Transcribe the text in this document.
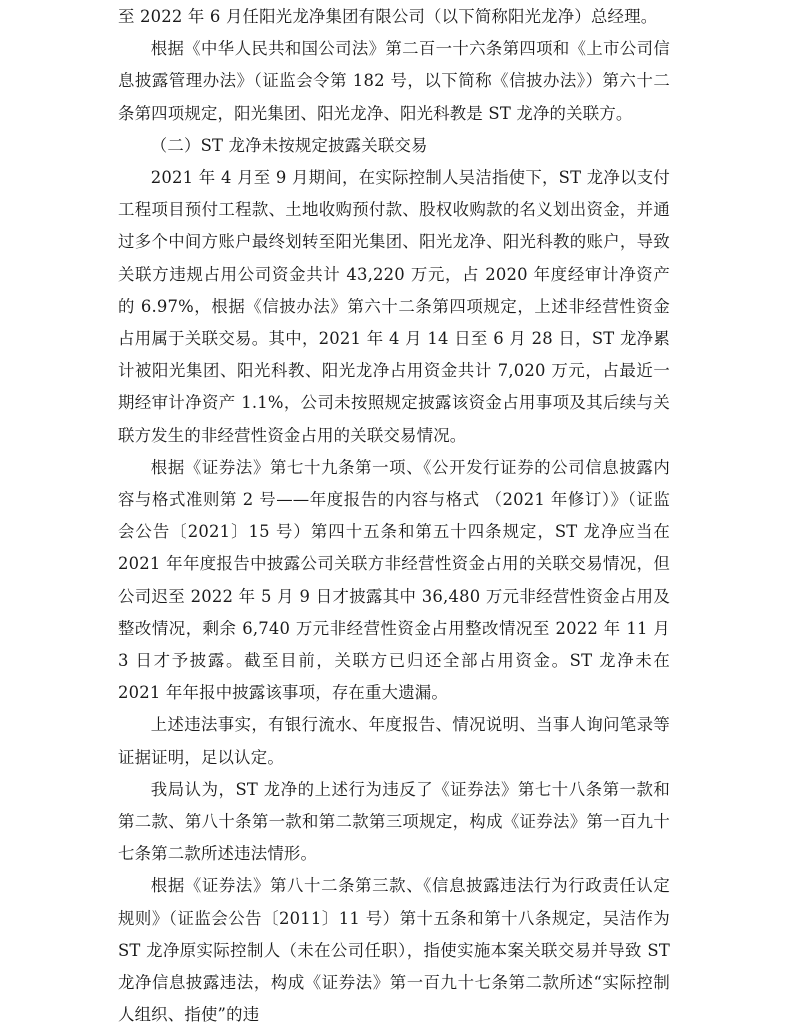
至 2022 年 6 月任阳光龙净集团有限公司（以下简称阳光龙净）总经理。

根据《中华人民共和国公司法》第二百一十六条第四项和《上市公司信息披露管理办法》（证监会令第 182 号，以下简称《信披办法》）第六十二条第四项规定，阳光集团、阳光龙净、阳光科教是 ST 龙净的关联方。

（二）ST 龙净未按规定披露关联交易

2021 年 4 月至 9 月期间，在实际控制人吴洁指使下，ST 龙净以支付工程项目预付工程款、土地收购预付款、股权收购款的名义划出资金，并通过多个中间方账户最终划转至阳光集团、阳光龙净、阳光科教的账户，导致关联方违规占用公司资金共计 43,220 万元，占 2020 年度经审计净资产的 6.97%，根据《信披办法》第六十二条第四项规定，上述非经营性资金占用属于关联交易。其中，2021 年 4 月 14 日至 6 月 28 日，ST 龙净累计被阳光集团、阳光科教、阳光龙净占用资金共计 7,020 万元，占最近一期经审计净资产 1.1%，公司未按照规定披露该资金占用事项及其后续与关联方发生的非经营性资金占用的关联交易情况。

根据《证券法》第七十九条第一项、《公开发行证券的公司信息披露内容与格式准则第 2 号——年度报告的内容与格式 （2021 年修订）》（证监会公告〔2021〕15 号）第四十五条和第五十四条规定，ST 龙净应当在 2021 年年度报告中披露公司关联方非经营性资金占用的关联交易情况，但公司迟至 2022 年 5 月 9 日才披露其中 36,480 万元非经营性资金占用及整改情况，剩余 6,740 万元非经营性资金占用整改情况至 2022 年 11 月 3 日才予披露。截至目前，关联方已归还全部占用资金。ST 龙净未在 2021 年年报中披露该事项，存在重大遗漏。

上述违法事实，有银行流水、年度报告、情况说明、当事人询问笔录等证据证明，足以认定。

我局认为，ST 龙净的上述行为违反了《证券法》第七十八条第一款和第二款、第八十条第一款和第二款第三项规定，构成《证券法》第一百九十七条第二款所述违法情形。

根据《证券法》第八十二条第三款、《信息披露违法行为行政责任认定规则》（证监会公告〔2011〕11 号）第十五条和第十八条规定，吴洁作为 ST 龙净原实际控制人（未在公司任职），指使实施本案关联交易并导致 ST 龙净信息披露违法，构成《证券法》第一百九十七条第二款所述“实际控制人组织、指使”的违
